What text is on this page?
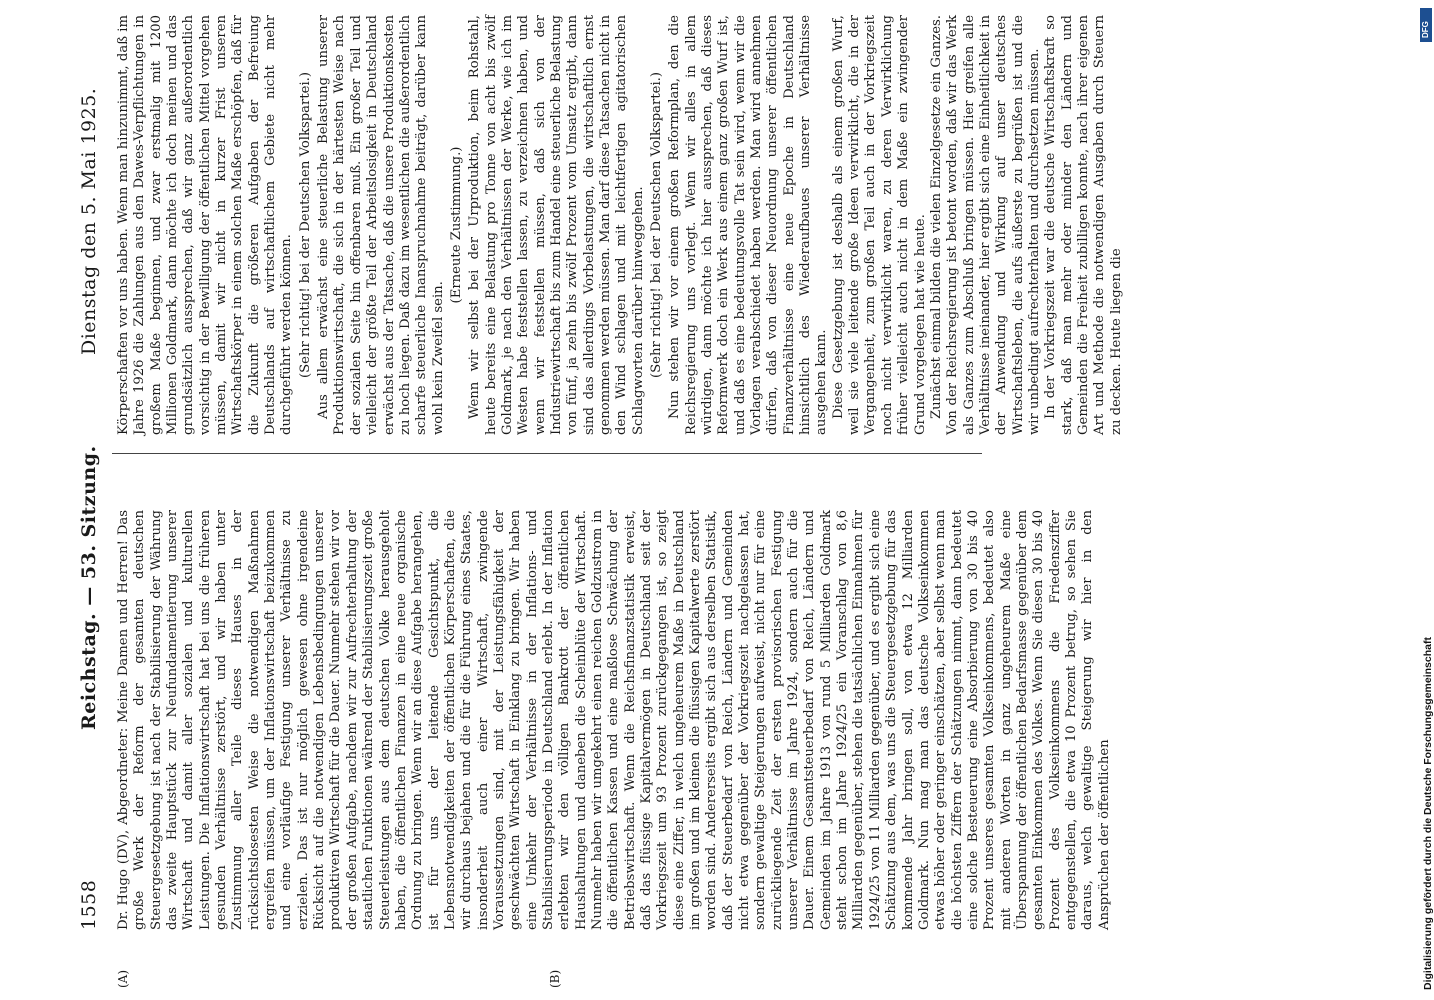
1558
Reichstag. — 53. Sitzung.
Dienstag den 5. Mai 1925.
(A)	(B)

Dr. Hugo (DV), Abgeordneter: Meine Damen und Herren! Das große Werk der Reform der gesamten deutschen Steuergesetzgebung ist nach der Stabilisierung der Währung das zweite Hauptstück zur Neufundamentierung unserer Wirtschaft und damit aller sozialen und kulturellen Leistungen. Die Inflationswirtschaft hat bei uns die früheren gesunden Verhältnisse zerstört, und wir haben unter Zustimmung aller Teile dieses Hauses in der rücksichtslosesten Weise die notwendigen Maßnahmen ergreifen müssen, um der Inflationswirtschaft beizukommen und eine vorläufige Festigung unserer Verhältnisse zu erzielen. Das ist nur möglich gewesen ohne irgendeine Rücksicht auf die notwendigen Lebensbedingungen unserer produktiven Wirtschaft für die Dauer. Nunmehr stehen wir vor der großen Aufgabe, nachdem wir zur Aufrechterhaltung der staatlichen Funktionen während der Stabilisierungszeit große Steuerleistungen aus dem deutschen Volke herausgeholt haben, die öffentlichen Finanzen in eine neue organische Ordnung zu bringen. Wenn wir an diese Aufgabe herangehen, ist für uns der leitende Gesichtspunkt, die Lebensnotwendigkeiten der öffentlichen Körperschaften, die wir durchaus bejahen und die für die Führung eines Staates, insonderheit auch einer Wirtschaft, zwingende Voraussetzungen sind, mit der Leistungsfähigkeit der geschwächten Wirtschaft in Einklang zu bringen. Wir haben eine Umkehr der Verhältnisse in der Inflations- und Stabilisierungsperiode in Deutschland erlebt. In der Inflation erlebten wir den völligen Bankrott der öffentlichen Haushaltungen und daneben die Scheinblüte der Wirtschaft. Nunmehr haben wir umgekehrt einen reichen Goldzustrom in die öffentlichen Kassen und eine maßlose Schwächung der Betriebswirtschaft. Wenn die Reichsfinanzstatistik erweist, daß das flüssige Kapitalvermögen in Deutschland seit der Vorkriegszeit um 93 Prozent zurückgegangen ist, so zeigt diese eine Ziffer, in welch ungeheurem Maße in Deutschland im großen und im kleinen die flüssigen Kapitalwerte zerstört worden sind. Andererseits ergibt sich aus derselben Statistik, daß der Steuerbedarf von Reich, Ländern und Gemeinden nicht etwa gegenüber der Vorkriegszeit nachgelassen hat, sondern gewaltige Steigerungen aufweist, nicht nur für eine zurückliegende Zeit der ersten provisorischen Festigung unserer Verhältnisse im Jahre 1924, sondern auch für die Dauer. Einem Gesamtsteuerbedarf von Reich, Ländern und Gemeinden im Jahre 1913 von rund 5 Milliarden Goldmark steht schon im Jahre 1924/25 ein Voranschlag von 8,6 Milliarden gegenüber, stehen die tatsächlichen Einnahmen für 1924/25 von 11 Milliarden gegenüber, und es ergibt sich eine Schätzung aus dem, was uns die Steuergesetzgebung für das kommende Jahr bringen soll, von etwa 12 Milliarden Goldmark. Nun mag man das deutsche Volkseinkommen etwas höher oder geringer einschätzen, aber selbst wenn man die höchsten Ziffern der Schätzungen nimmt, dann bedeutet eine solche Besteuerung eine Absorbierung von 30 bis 40 Prozent unseres gesamten Volkseinkommens, bedeutet also mit anderen Worten in ganz ungeheurem Maße eine Überspannung der öffentlichen Bedarfsmasse gegenüber dem gesamten Einkommen des Volkes. Wenn Sie diesen 30 bis 40 Prozent des Volkseinkommens die Friedensziffer entgegenstellen, die etwa 10 Prozent betrug, so sehen Sie daraus, welch gewaltige Steigerung wir hier in den Ansprüchen der öffentlichen

Körperschaften vor uns haben. Wenn man hinzunimmt, daß im Jahre 1926 die Zahlungen aus den Dawes-Verpflichtungen in großem Maße beginnen, und zwar erstmalig mit 1200 Millionen Goldmark, dann möchte ich doch meinen und das grundsätzlich aussprechen, daß wir ganz außerordentlich vorsichtig in der Bewilligung der öffentlichen Mittel vorgehen müssen, damit wir nicht in kurzer Frist unseren Wirtschaftskörper in einem solchen Maße erschöpfen, daß für die Zukunft die größeren Aufgaben der Befreiung Deutschlands auf wirtschaftlichem Gebiete nicht mehr durchgeführt werden können. (Sehr richtig! bei der Deutschen Volkspartei.) Aus allem erwächst eine steuerliche Belastung unserer Produktionswirtschaft, die sich in der härtesten Weise nach der sozialen Seite hin offenbaren muß. Ein großer Teil und vielleicht der größte Teil der Arbeitslosigkeit in Deutschland erwächst aus der Tatsache, daß die unsere Produktionskosten zu hoch liegen. Daß dazu im wesentlichen die außerordentlich scharfe steuerliche Inanspruchnahme beiträgt, darüber kann wohl kein Zweifel sein.

(Erneute Zustimmung.) Wenn wir selbst bei der Urproduktion, beim Rohstahl, heute bereits eine Belastung pro Tonne von acht bis zwölf Goldmark, je nach den Verhältnissen der Werke, wie ich im Westen habe feststellen lassen, zu verzeichnen haben, und wenn wir feststellen müssen, daß sich von der Industriewirtschaft bis zum Handel eine steuerliche Belastung von fünf, ja zehn bis zwölf Prozent vom Umsatz ergibt, dann sind das allerdings Vorbelastungen, die wirtschaftlich ernst genommen werden müssen. Man darf diese Tatsachen nicht in den Wind schlagen und mit leichtfertigen agitatorischen Schlagworten darüber hinweggehen. (Sehr richtig! bei der Deutschen Volkspartei.) Nun stehen wir vor einem großen Reformplan, den die Reichsregierung uns vorlegt. Wenn wir alles in allem würdigen, dann möchte ich hier aussprechen, daß dieses Reformwerk doch ein Werk aus einem ganz großen Wurf ist, und daß es eine bedeutungsvolle Tat sein wird, wenn wir die Vorlagen verabschiedet haben werden. Man wird annehmen dürfen, daß von dieser Neuordnung unserer öffentlichen Finanzverhältnisse eine neue Epoche in Deutschland hinsichtlich des Wiederaufbaues unserer Verhältnisse ausgehen kann. Diese Gesetzgebung ist deshalb als einem großen Wurf, weil sie viele leitende große Ideen verwirklicht, die in der Vergangenheit, zum großen Teil auch in der Vorkriegszeit noch nicht verwirklicht waren, zu deren Verwirklichung früher vielleicht auch nicht in dem Maße ein zwingender Grund vorgelegen hat wie heute. Zunächst einmal bilden die vielen Einzelgesetze ein Ganzes. Von der Reichsregierung ist betont worden, daß wir das Werk als Ganzes zum Abschluß bringen müssen. Hier greifen alle Verhältnisse ineinander, hier ergibt sich eine Einheitlichkeit in der Anwendung und Wirkung auf unser deutsches Wirtschaftsleben, die aufs äußerste zu begrüßen ist und die wir unbedingt aufrechterhalten und durchsetzen müssen. In der Vorkriegszeit war die deutsche Wirtschaftskraft so stark, daß man mehr oder minder den Ländern und Gemeinden die Freiheit zubilligen konnte, nach ihrer eigenen Art und Methode die notwendigen Ausgaben durch Steuern zu decken. Heute liegen die

Digitalisierung gefördert durch die Deutsche Forschungsgemeinschaft
DFG
